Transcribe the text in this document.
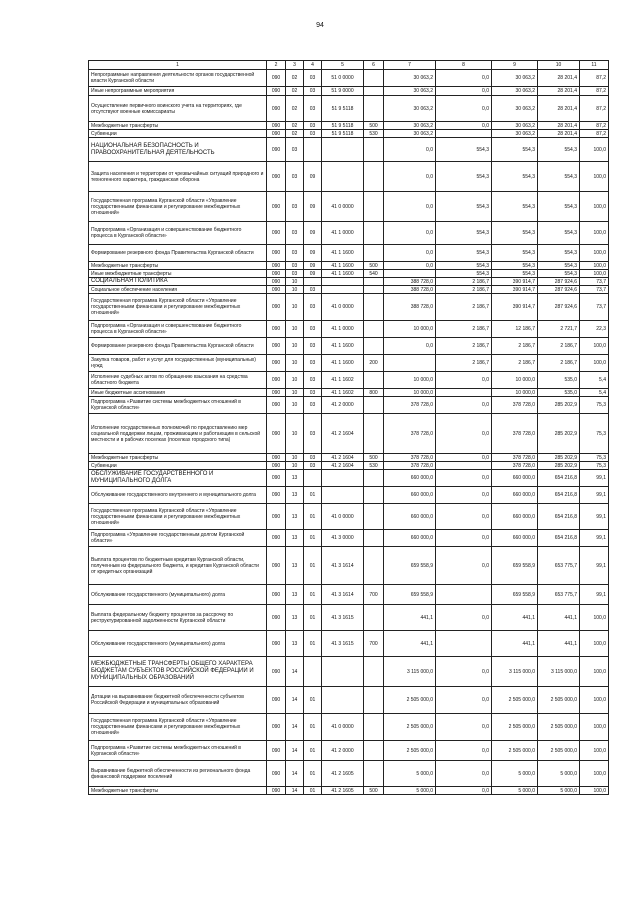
94
1	2	3	4	5	6	7	8	9	10	11
Непрограммные направления деятельности органов государственной власти Курганской области	090	02	03	51 0 0000		30 063,2	0,0	30 063,2	28 201,4	87,2
Иные непрограммные мероприятия	090	02	03	51 9 0000		30 063,2	0,0	30 063,2	28 201,4	87,2
Осуществление первичного воинского учета на территориях, где отсутствуют военные комиссариаты	090	02	03	51 9 5118		30 063,2	0,0	30 063,2	28 201,4	87,2
Межбюджетные трансферты	090	02	03	51 9 5118	500	30 063,2	0,0	30 063,2	28 201,4	87,2
Субвенции	090	02	03	51 9 5118	530	30 063,2		30 063,2	28 201,4	87,2
НАЦИОНАЛЬНАЯ БЕЗОПАСНОСТЬ И ПРАВООХРАНИТЕЛЬНАЯ ДЕЯТЕЛЬНОСТЬ	090	03				0,0	554,3	554,3	554,3	100,0
Защита населения и территории от чрезвычайных ситуаций природного и техногенного характера, гражданская оборона	090	03	09			0,0	554,3	554,3	554,3	100,0
Государственная программа Курганской области «Управление государственными финансами и регулирование межбюджетных отношений»	090	03	09	41 0 0000		0,0	554,3	554,3	554,3	100,0
Подпрограмма «Организация и совершенствование бюджетного процесса в Курганской области»	090	03	09	41 1 0000		0,0	554,3	554,3	554,3	100,0
Формирование резервного фонда Правительства Курганской области	090	03	09	41 1 1600		0,0	554,3	554,3	554,3	100,0
Межбюджетные трансферты	090	03	09	41 1 1600	500	0,0	554,3	554,3	554,3	100,0
Иные межбюджетные трансферты	090	03	09	41 1 1600	540		554,3	554,3	554,3	100,0
СОЦИАЛЬНАЯ ПОЛИТИКА	090	10				388 728,0	2 186,7	390 914,7	287 924,6	73,7
Социальное обеспечение населения	090	10	03			388 728,0	2 186,7	390 914,7	287 924,6	73,7
Государственная программа Курганской области «Управление государственными финансами и регулирование межбюджетных отношений»	090	10	03	41 0 0000		388 728,0	2 186,7	390 914,7	287 924,6	73,7
Подпрограмма «Организация и совершенствование бюджетного процесса в Курганской области»	090	10	03	41 1 0000		10 000,0	2 186,7	12 186,7	2 721,7	22,3
Формирование резервного фонда Правительства Курганской области	090	10	03	41 1 1600		0,0	2 186,7	2 186,7	2 186,7	100,0
Закупка товаров, работ и услуг для государственных (муниципальных) нужд	090	10	03	41 1 1600	200		2 186,7	2 186,7	2 186,7	100,0
Исполнение судебных актов по обращению взыскания на средства областного бюджета	090	10	03	41 1 1602		10 000,0	0,0	10 000,0	535,0	5,4
Иные бюджетные ассигнования	090	10	03	41 1 1602	800	10 000,0		10 000,0	535,0	5,4
Подпрограмма «Развитие системы межбюджетных отношений в Курганской области»	090	10	03	41 2 0000		378 728,0	0,0	378 728,0	285 202,9	75,3
Исполнение государственных полномочий по предоставлению мер социальной поддержки лицам, проживающим и работающим в сельской местности и в рабочих поселках (поселках городского типа)	090	10	03	41 2 1604		378 728,0	0,0	378 728,0	285 202,9	75,3
Межбюджетные трансферты	090	10	03	41 2 1604	500	378 728,0	0,0	378 728,0	285 202,9	75,3
Субвенции	090	10	03	41 2 1604	530	378 728,0		378 728,0	285 202,9	75,3
ОБСЛУЖИВАНИЕ ГОСУДАРСТВЕННОГО И МУНИЦИПАЛЬНОГО ДОЛГА	090	13				660 000,0	0,0	660 000,0	654 216,8	99,1
Обслуживание государственного внутреннего и муниципального долга	090	13	01			660 000,0	0,0	660 000,0	654 216,8	99,1
Государственная программа Курганской области «Управление государственными финансами и регулирование межбюджетных отношений»	090	13	01	41 0 0000		660 000,0	0,0	660 000,0	654 216,8	99,1
Подпрограмма «Управление государственным долгом Курганской области»	090	13	01	41 3 0000		660 000,0	0,0	660 000,0	654 216,8	99,1
Выплата процентов по бюджетным кредитам Курганской области, полученным из федерального бюджета, и кредитам Курганской области от кредитных организаций	090	13	01	41 3 1614		659 558,9	0,0	659 558,9	653 775,7	99,1
Обслуживание государственного (муниципального) долга	090	13	01	41 3 1614	700	659 558,9		659 558,9	653 775,7	99,1
Выплата федеральному бюджету процентов за рассрочку по реструктурированной задолженности Курганской области	090	13	01	41 3 1615		441,1	0,0	441,1	441,1	100,0
Обслуживание государственного (муниципального) долга	090	13	01	41 3 1615	700	441,1		441,1	441,1	100,0
МЕЖБЮДЖЕТНЫЕ ТРАНСФЕРТЫ ОБЩЕГО ХАРАКТЕРА БЮДЖЕТАМ СУБЪЕКТОВ РОССИЙСКОЙ ФЕДЕРАЦИИ И МУНИЦИПАЛЬНЫХ ОБРАЗОВАНИЙ	090	14				3 115 000,0	0,0	3 115 000,0	3 115 000,0	100,0
Дотации на выравнивание бюджетной обеспеченности субъектов Российской Федерации и муниципальных образований	090	14	01			2 505 000,0	0,0	2 505 000,0	2 505 000,0	100,0
Государственная программа Курганской области «Управление государственными финансами и регулирование межбюджетных отношений»	090	14	01	41 0 0000		2 505 000,0	0,0	2 505 000,0	2 505 000,0	100,0
Подпрограмма «Развитие системы межбюджетных отношений в Курганской области»	090	14	01	41 2 0000		2 505 000,0	0,0	2 505 000,0	2 505 000,0	100,0
Выравнивание бюджетной обеспеченности из регионального фонда финансовой поддержки поселений	090	14	01	41 2 1605		5 000,0	0,0	5 000,0	5 000,0	100,0
Межбюджетные трансферты	090	14	01	41 2 1605	500	5 000,0	0,0	5 000,0	5 000,0	100,0
